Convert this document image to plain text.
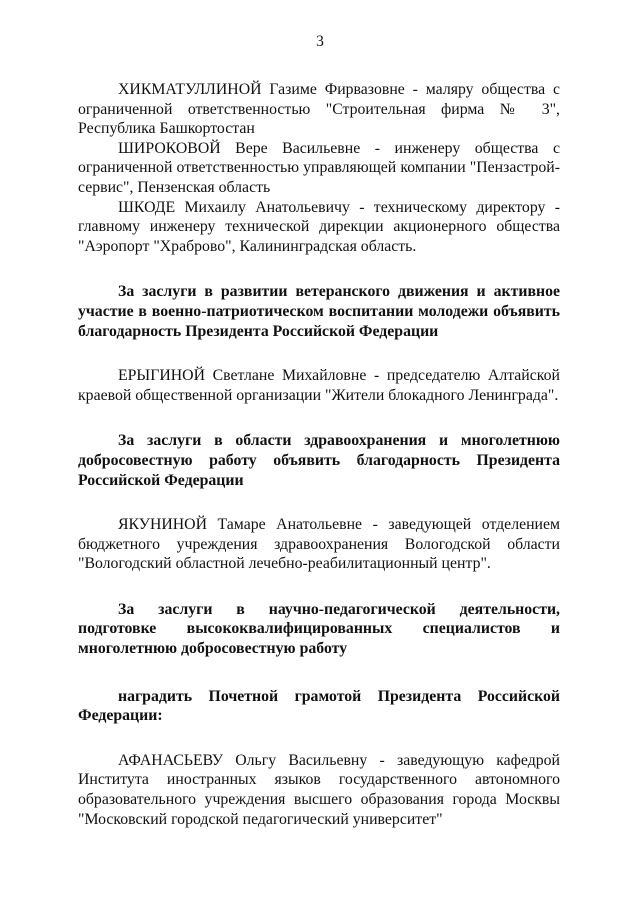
3

ХИКМАТУЛЛИНОЙ Газиме Фирвазовне - маляру общества с ограниченной ответственностью "Строительная фирма № 3", Республика Башкортостан

ШИРОКОВОЙ Вере Васильевне - инженеру общества с ограниченной ответственностью управляющей компании "Пензастрой-сервис", Пензенская область

ШКОДЕ Михаилу Анатольевичу - техническому директору - главному инженеру технической дирекции акционерного общества "Аэропорт "Храброво", Калининградская область.

За заслуги в развитии ветеранского движения и активное участие в военно-патриотическом воспитании молодежи объявить благодарность Президента Российской Федерации

ЕРЫГИНОЙ Светлане Михайловне - председателю Алтайской краевой общественной организации "Жители блокадного Ленинграда".

За заслуги в области здравоохранения и многолетнюю добросовестную работу объявить благодарность Президента Российской Федерации

ЯКУНИНОЙ Тамаре Анатольевне - заведующей отделением бюджетного учреждения здравоохранения Вологодской области "Вологодский областной лечебно-реабилитационный центр".

За заслуги в научно-педагогической деятельности, подготовке высококвалифицированных специалистов и многолетнюю добросовестную работу

наградить Почетной грамотой Президента Российской Федерации:

АФАНАСЬЕВУ Ольгу Васильевну - заведующую кафедрой Института иностранных языков государственного автономного образовательного учреждения высшего образования города Москвы "Московский городской педагогический университет"
